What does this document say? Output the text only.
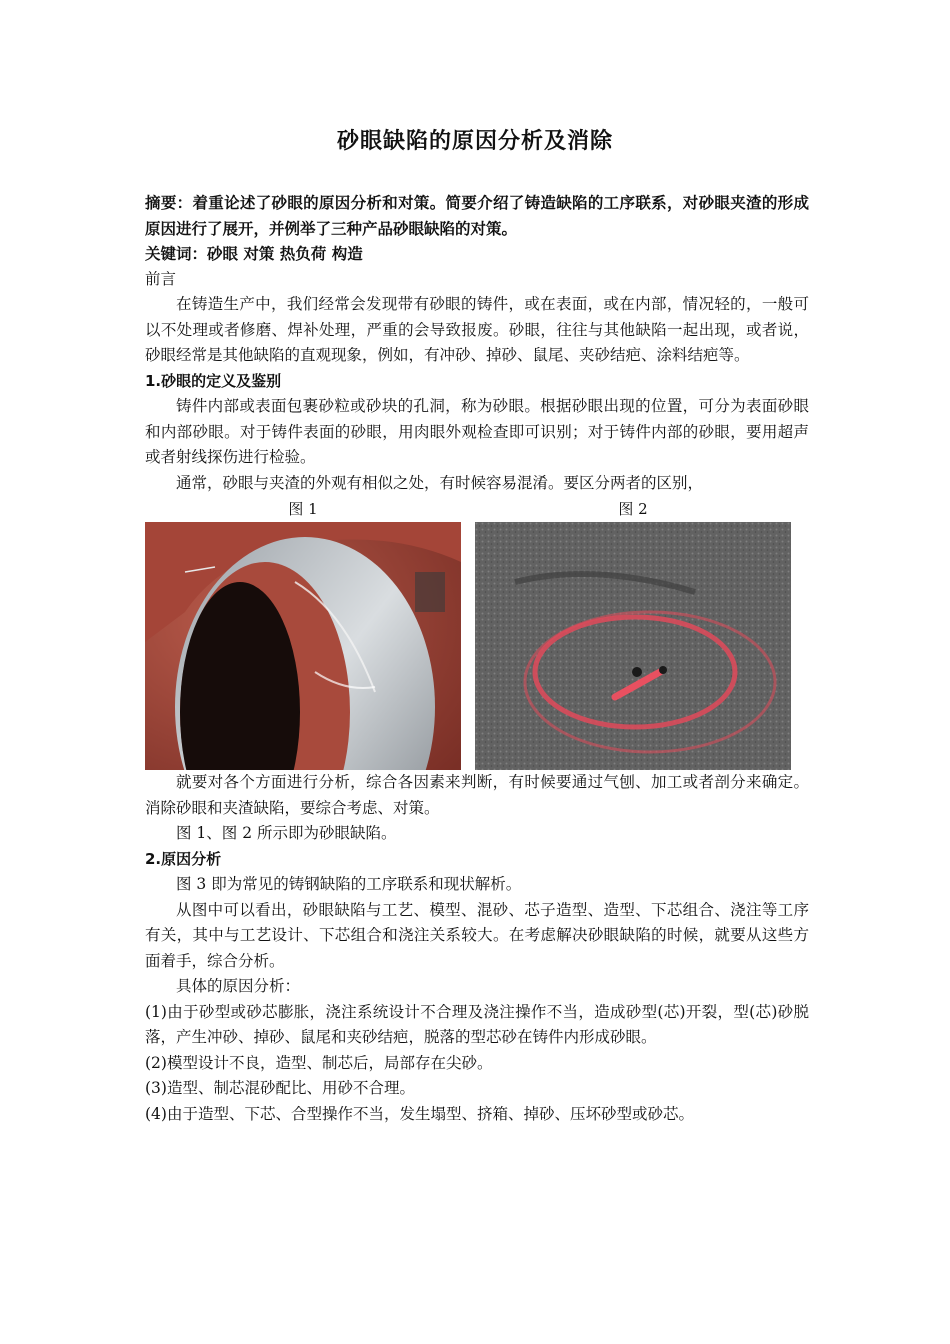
砂眼缺陷的原因分析及消除

摘要：着重论述了砂眼的原因分析和对策。简要介绍了铸造缺陷的工序联系，对砂眼夹渣的形成原因进行了展开，并例举了三种产品砂眼缺陷的对策。

关键词：砂眼 对策 热负荷 构造

前言

在铸造生产中，我们经常会发现带有砂眼的铸件，或在表面，或在内部，情况轻的，一般可以不处理或者修磨、焊补处理，严重的会导致报废。砂眼，往往与其他缺陷一起出现，或者说，砂眼经常是其他缺陷的直观现象，例如，有冲砂、掉砂、鼠尾、夹砂结疤、涂料结疤等。

1.砂眼的定义及鉴别

铸件内部或表面包裹砂粒或砂块的孔洞，称为砂眼。根据砂眼出现的位置，可分为表面砂眼和内部砂眼。对于铸件表面的砂眼，用肉眼外观检查即可识别；对于铸件内部的砂眼，要用超声或者射线探伤进行检验。

通常，砂眼与夹渣的外观有相似之处，有时候容易混淆。要区分两者的区别，

图 1	图 2

就要对各个方面进行分析，综合各因素来判断，有时候要通过气刨、加工或者剖分来确定。消除砂眼和夹渣缺陷，要综合考虑、对策。

图 1、图 2 所示即为砂眼缺陷。

2.原因分析

图 3 即为常见的铸钢缺陷的工序联系和现状解析。

从图中可以看出，砂眼缺陷与工艺、模型、混砂、芯子造型、造型、下芯组合、浇注等工序有关，其中与工艺设计、下芯组合和浇注关系较大。在考虑解决砂眼缺陷的时候，就要从这些方面着手，综合分析。

具体的原因分析：

(1)由于砂型或砂芯膨胀，浇注系统设计不合理及浇注操作不当，造成砂型(芯)开裂，型(芯)砂脱落，产生冲砂、掉砂、鼠尾和夹砂结疤，脱落的型芯砂在铸件内形成砂眼。

(2)模型设计不良，造型、制芯后，局部存在尖砂。

(3)造型、制芯混砂配比、用砂不合理。

(4)由于造型、下芯、合型操作不当，发生塌型、挤箱、掉砂、压坏砂型或砂芯。
